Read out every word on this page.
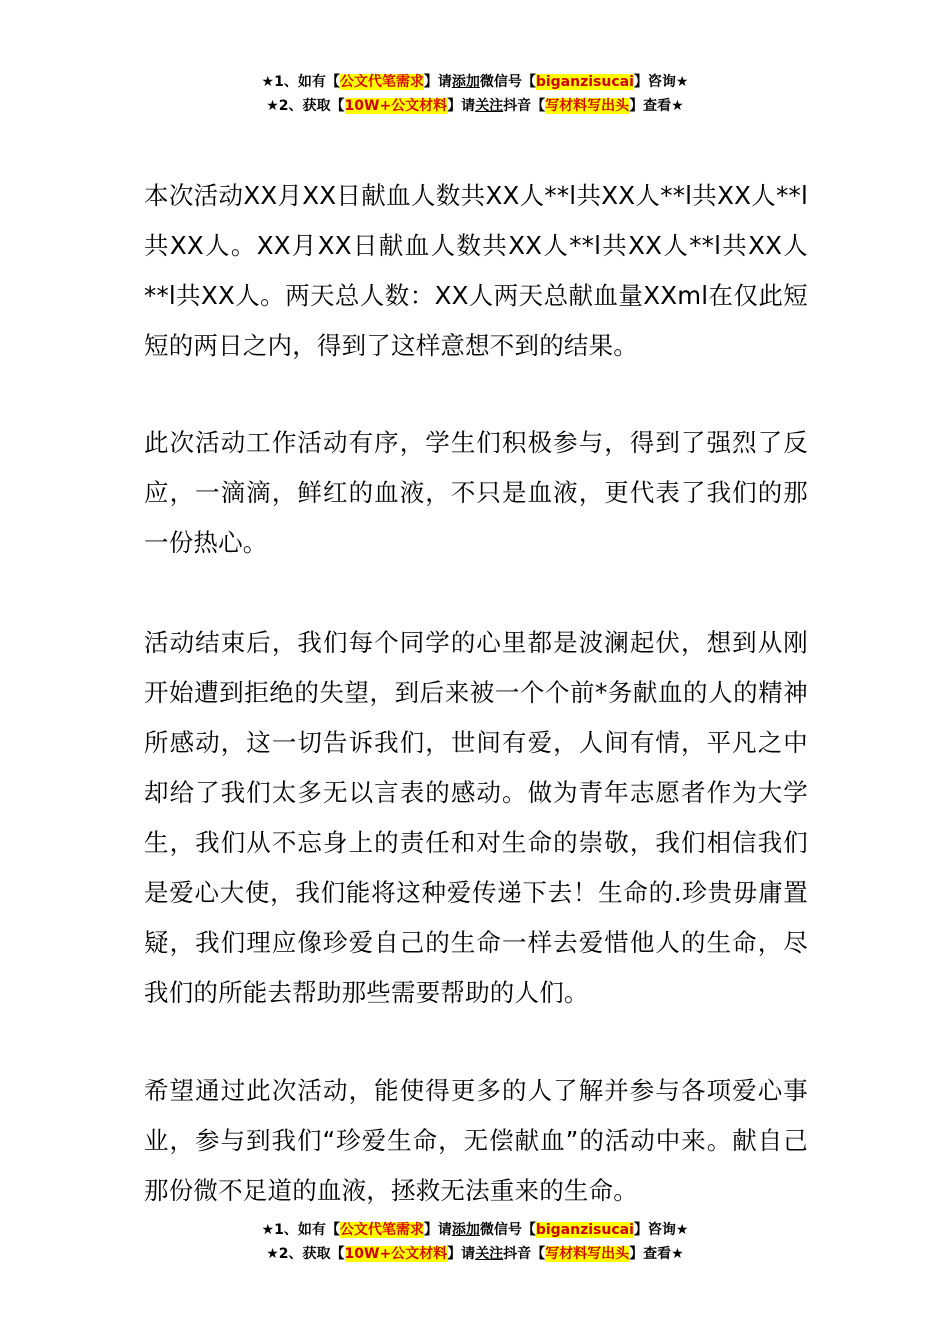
★1、如有【公文代笔需求】请添加微信号【biganzisucai】咨询★
★2、获取【10W+公文材料】请关注抖音【写材料写出头】查看★

本次活动XX月XX日献血人数共XX人**l共XX人**l共XX人**l共XX人。XX月XX日献血人数共XX人**l共XX人**l共XX人**l共XX人。两天总人数：XX人两天总献血量XXml在仅此短短的两日之内，得到了这样意想不到的结果。

此次活动工作活动有序，学生们积极参与，得到了强烈了反应，一滴滴，鲜红的血液，不只是血液，更代表了我们的那一份热心。

活动结束后，我们每个同学的心里都是波澜起伏，想到从刚开始遭到拒绝的失望，到后来被一个个前*务献血的人的精神所感动，这一切告诉我们，世间有爱，人间有情，平凡之中却给了我们太多无以言表的感动。做为青年志愿者作为大学生，我们从不忘身上的责任和对生命的崇敬，我们相信我们是爱心大使，我们能将这种爱传递下去！生命的.珍贵毋庸置疑，我们理应像珍爱自己的生命一样去爱惜他人的生命，尽我们的所能去帮助那些需要帮助的人们。

希望通过此次活动，能使得更多的人了解并参与各项爱心事业，参与到我们“珍爱生命，无偿献血”的活动中来。献自己那份微不足道的血液，拯救无法重来的生命。

★1、如有【公文代笔需求】请添加微信号【biganzisucai】咨询★
★2、获取【10W+公文材料】请关注抖音【写材料写出头】查看★
